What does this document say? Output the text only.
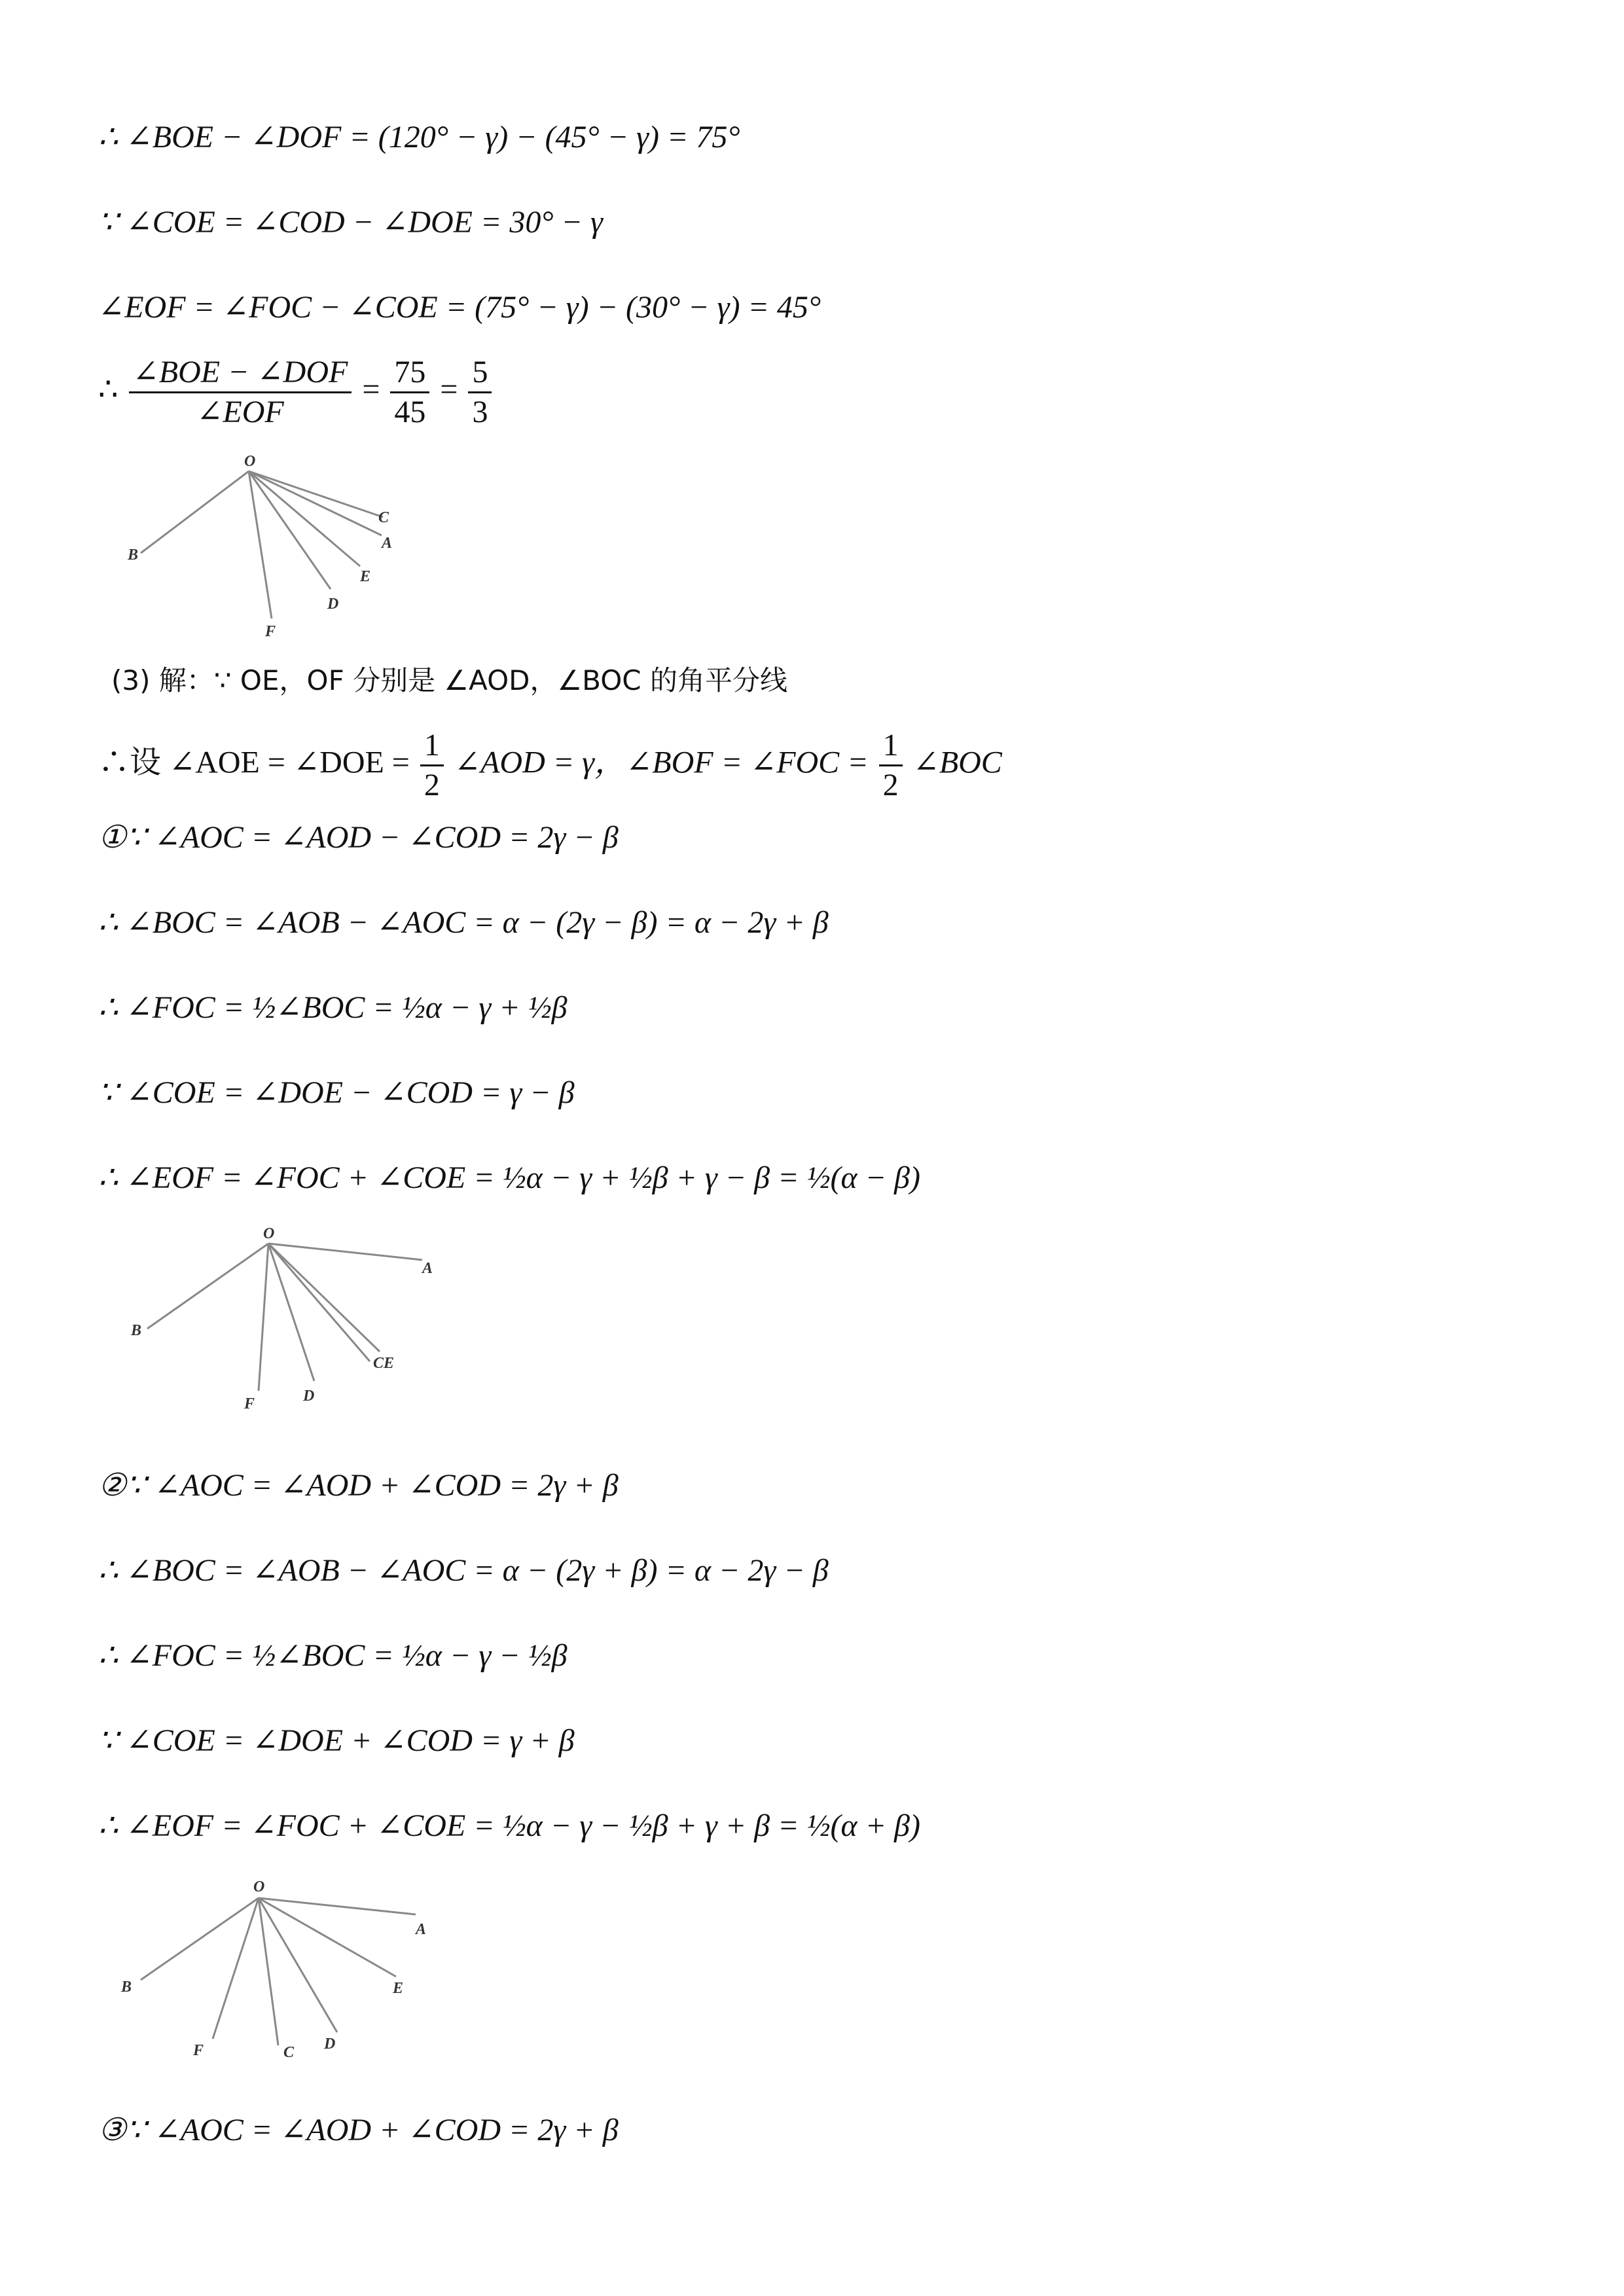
∴ ∠BOE − ∠DOF = (120° − γ) − (45° − γ) = 75°
∵ ∠COE = ∠COD − ∠DOE = 30° − γ
∠EOF = ∠FOC − ∠COE = (75° − γ) − (30° − γ) = 45°
∴ $\frac{\text{∠BOE − ∠DOF}}{\text{∠EOF}} = \frac{75}{45} = \frac{5}{3}$
O
C
A
B
E
D
F
(3) 解：∵ OE，OF 分别是 ∠AOD，∠BOC 的角平分线
∴设 ∠AOE = ∠DOE = $\frac{1}{2}$ ∠AOD = γ，∠BOF = ∠FOC = $\frac{1}{2}$ ∠BOC
①∵ ∠AOC = ∠AOD − ∠COD = 2γ − β
∴ ∠BOC = ∠AOB − ∠AOC = α − (2γ − β) = α − 2γ + β
∴ ∠FOC = ½∠BOC = ½α − γ + ½β
∵ ∠COE = ∠DOE − ∠COD = γ − β
∴ ∠EOF = ∠FOC + ∠COE = ½α − γ + ½β + γ − β = ½(α − β)
O
A
B
CE
F	D
②∵ ∠AOC = ∠AOD + ∠COD = 2γ + β
∴ ∠BOC = ∠AOB − ∠AOC = α − (2γ + β) = α − 2γ − β
∴ ∠FOC = ½∠BOC = ½α − γ − ½β
∵ ∠COE = ∠DOE + ∠COD = γ + β
∴ ∠EOF = ∠FOC + ∠COE = ½α − γ − ½β + γ + β = ½(α + β)
O
A
B	E
F	C D
③∵ ∠AOC = ∠AOD + ∠COD = 2γ + β
